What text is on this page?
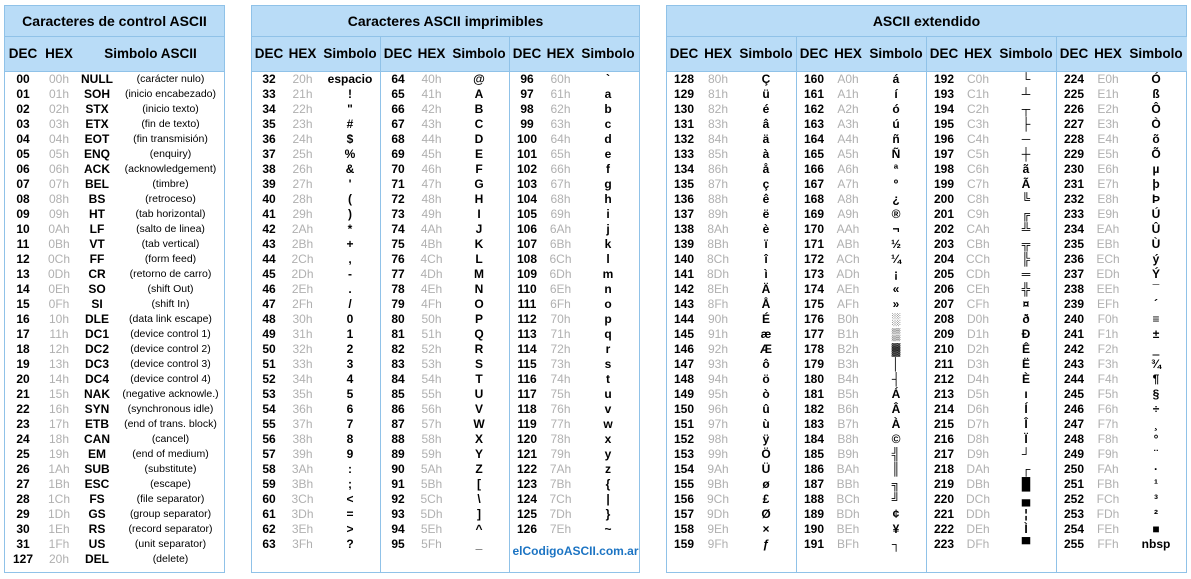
Caracteres de control ASCII
DEC HEX	Simbolo ASCII
00	00h NULL	(carácter nulo)
01	01h	SOH	(inicio encabezado)
02	02h	STX	(inicio texto)
03	03h	ETX	(fin de texto)
04	04h	EOT	(fin transmisión)
05	05h	ENQ	(enquiry)
06	06h	ACK	(acknowledgement)
07	07h	BEL	(timbre)
08	08h	BS	(retroceso)
09	09h	HT	(tab horizontal)
10	0Ah	LF	(salto de linea)
11	0Bh	VT	(tab vertical)
12	0Ch	FF	(form feed)
13	0Dh	CR	(retorno de carro)
14	0Eh	SO	(shift Out)
15	0Fh	SI	(shift In)
16	10h	DLE	(data link escape)
17	11h	DC1	(device control 1)
18	12h	DC2	(device control 2)
19	13h	DC3	(device control 3)
20	14h	DC4	(device control 4)
21	15h	NAK	(negative acknowle.)
22	16h	SYN	(synchronous idle)
23	17h	ETB	(end of trans. block)
24	18h	CAN	(cancel)
25	19h	EM	(end of medium)
26	1Ah	SUB	(substitute)
27	1Bh	ESC	(escape)
28	1Ch	FS	(file separator)
29	1Dh	GS	(group separator)
30	1Eh	RS	(record separator)
31	1Fh	US	(unit separator)
127	20h	DEL	(delete)
Caracteres ASCII imprimibles
DEC HEX Simbolo DEC HEX Simbolo DEC HEX Simbolo
32	20h	espacio
33	21h	!
34	22h	"
35	23h	#
36	24h	$
37	25h	%
38	26h	&
39	27h	'
40	28h	(
41	29h	)
42	2Ah	*
43	2Bh	+
44	2Ch	,
45	2Dh	-
46	2Eh	.
47	2Fh	/
48	30h	0
49	31h	1
50	32h	2
51	33h	3
52	34h	4
53	35h	5
54	36h	6
55	37h	7
56	38h	8
57	39h	9
58	3Ah	:
59	3Bh	;
60	3Ch	<
61	3Dh	=
62	3Eh	>
63	3Fh	?
64	40h	@
65	41h	A
66	42h	B
67	43h	C
68	44h	D
69	45h	E
70	46h	F
71	47h	G
72	48h	H
73	49h	I
74	4Ah	J
75	4Bh	K
76	4Ch	L
77	4Dh	M
78	4Eh	N
79	4Fh	O
80	50h	P
81	51h	Q
82	52h	R
83	53h	S
84	54h	T
85	55h	U
86	56h	V
87	57h	W
88	58h	X
89	59h	Y
90	5Ah	Z
91	5Bh	[
92	5Ch	\
93	5Dh	]
94	5Eh	^
95	5Fh	_
96	60h	`
97	61h	a
98	62h	b
99	63h	c
100	64h	d
101	65h	e
102	66h	f
103	67h	g
104	68h	h
105	69h	i
106	6Ah	j
107	6Bh	k
108	6Ch	l
109	6Dh	m
110	6Eh	n
111	6Fh	o
112	70h	p
113	71h	q
114	72h	r
115	73h	s
116	74h	t
117	75h	u
118	76h	v
119	77h	w
120	78h	x
121	79h	y
122	7Ah	z
123	7Bh	{
124	7Ch	|
125	7Dh	}
126	7Eh	~
elCodigoASCII.com.ar
ASCII extendido
DEC HEX Simbolo DEC HEX Simbolo DEC HEX Simbolo DEC HEX Simbolo
128	80h	Ç
129	81h	ü
130	82h	é
131	83h	â
132	84h	ä
133	85h	à
134	86h	å
135	87h	ç
136	88h	ê
137	89h	ë
138	8Ah	è
139	8Bh	ï
140	8Ch	î
141	8Dh	ì
142	8Eh	Ä
143	8Fh	Å
144	90h	É
145	91h	æ
146	92h	Æ
147	93h	ô
148	94h	ö
149	95h	ò
150	96h	û
151	97h	ù
152	98h	ÿ
153	99h	Ö
154	9Ah	Ü
155	9Bh	ø
156	9Ch	£
157	9Dh	Ø
158	9Eh	×
159	9Fh	ƒ
160	A0h	á
161	A1h	í
162	A2h	ó
163	A3h	ú
164	A4h	ñ
165	A5h	Ñ
166	A6h	ª
167	A7h	º
168	A8h	¿
169	A9h	®
170	AAh	¬
171	ABh	½
172	ACh	¼
173	ADh	¡
174	AEh	«
175	AFh	»
176	B0h	░
177	B1h	▒
178	B2h	▓
179	B3h	│
180	B4h	┤
181	B5h	Á
182	B6h	Â
183	B7h	À
184	B8h	©
185	B9h	╣
186	BAh	║
187	BBh	╗
188	BCh	╝
189	BDh	¢
190	BEh	¥
191	BFh	┐
192	C0h	└
193	C1h	┴
194	C2h	┬
195	C3h	├
196	C4h	─
197	C5h	┼
198	C6h	ã
199	C7h	Ã
200	C8h	╚
201	C9h	╔
202	CAh	╩
203	CBh	╦
204 CCh	╠
205 CDh	═
206	CEh	╬
207	CFh	¤
208	D0h	ð
209	D1h	Ð
210	D2h	Ê
211	D3h	Ë
212	D4h	È
213	D5h	ı
214	D6h	Í
215	D7h	Î
216	D8h	Ï
217	D9h	┘
218	DAh	┌
219	DBh	█
220 DCh	▄
221 DDh	¦
222	DEh	Ì
223	DFh	▀
224	E0h	Ó
225	E1h	ß
226	E2h	Ô
227	E3h	Ò
228	E4h	õ
229	E5h	Õ
230	E6h	µ
231	E7h	þ
232	E8h	Þ
233	E9h	Ú
234	EAh	Û
235	EBh	Ù
236	ECh	ý
237	EDh	Ý
238	EEh	¯
239	EFh	´
240	F0h	≡
241	F1h	±
242	F2h	‗
243	F3h	¾
244	F4h	¶
245	F5h	§
246	F6h	÷
247	F7h	¸
248	F8h	°
249	F9h	¨
250	FAh	·
251	FBh	¹
252	FCh	³
253	FDh	²
254	FEh	■
255	FFh	nbsp
